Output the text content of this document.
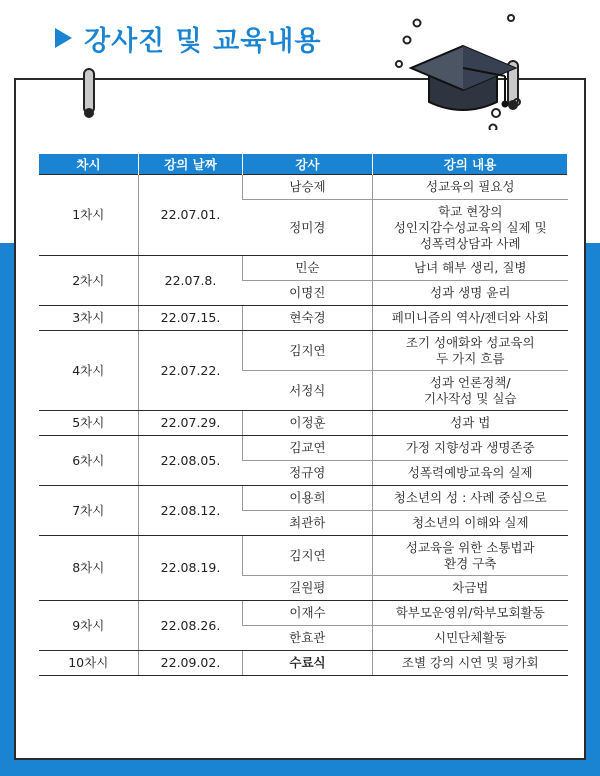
강사진 및 교육내용
차시	강의 날짜	강사	강의 내용
1차시	22.07.01.	남승제	성교육의 필요성

		정미경	학교 현장의
성인지감수성교육의 실제 및
성폭력상담과 사례

2차시	22.07.8.	민순	남녀 해부 생리, 질병

		이명진	성과 생명 윤리

3차시	22.07.15.	현숙경	페미니즘의 역사/젠더와 사회

4차시	22.07.22.	김지연	조기 성애화와 성교육의
두 가지 흐름

		서정식	성과 언론정책/
기사작성 및 실습

5차시	22.07.29.	이정훈	성과 법

6차시	22.08.05.	김교연	가정 지향성과 생명존중

		정규영	성폭력예방교육의 실제

7차시	22.08.12.	이용희	청소년의 성 : 사례 중심으로

		최관하	청소년의 이해와 실제

8차시	22.08.19.	김지연	성교육을 위한 소통법과
환경 구축

		길원평	차금법

9차시	22.08.26.	이재수	학부모운영위/학부모회활동

		한효관	시민단체활동

10차시	22.09.02.	수료식	조별 강의 시연 및 평가회
